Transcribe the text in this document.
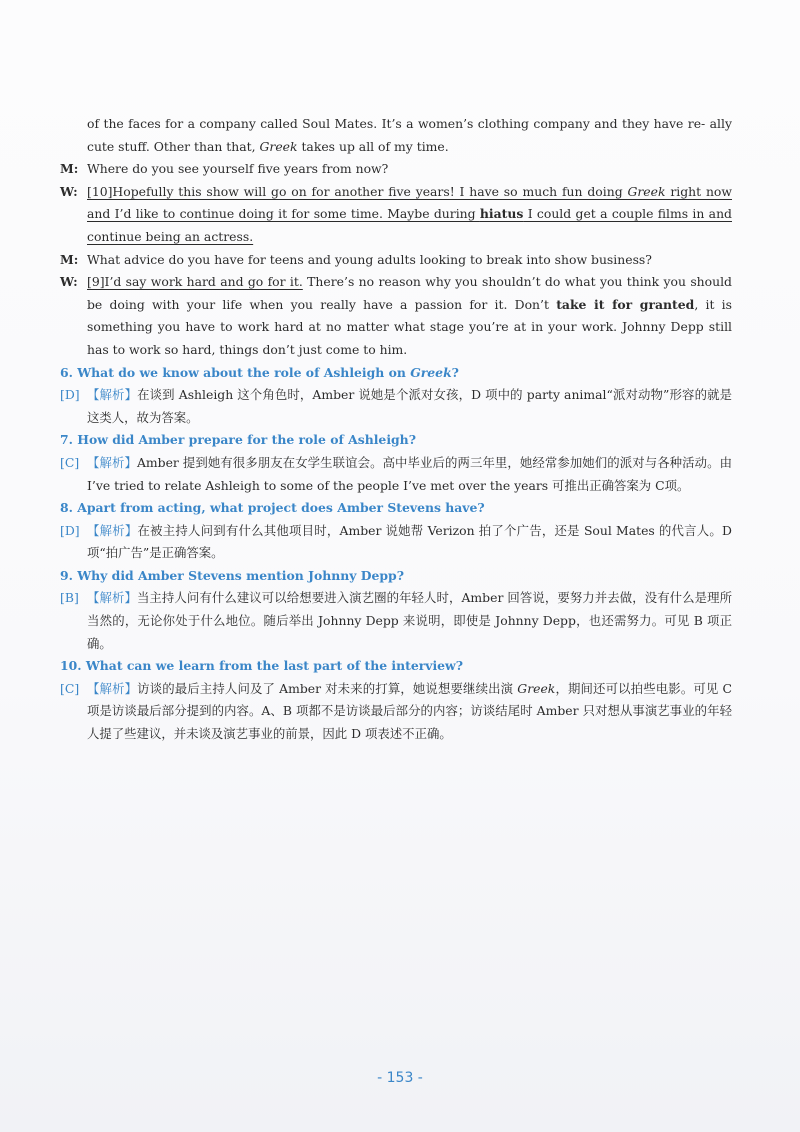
of the faces for a company called Soul Mates. It’s a women’s clothing company and they have re- ally cute stuff. Other than that, Greek takes up all of my time.

M: Where do you see yourself five years from now?

W: [10]Hopefully this show will go on for another five years! I have so much fun doing Greek right now and I’d like to continue doing it for some time. Maybe during hiatus I could get a couple films in and continue being an actress.

M: What advice do you have for teens and young adults looking to break into show business?

W: [9]I’d say work hard and go for it. There’s no reason why you shouldn’t do what you think you should be doing with your life when you really have a passion for it. Don’t take it for granted, it is something you have to work hard at no matter what stage you’re at in your work. Johnny Depp still has to work so hard, things don’t just come to him.

6. What do we know about the role of Ashleigh on Greek?

[D] 【解析】在谈到 Ashleigh 这个角色时，Amber 说她是个派对女孩，D 项中的 party animal“派对动物”形容的就是这类人，故为答案。

7. How did Amber prepare for the role of Ashleigh?

[C] 【解析】Amber 提到她有很多朋友在女学生联谊会。高中毕业后的两三年里，她经常参加她们的派对与各种活动。由 I’ve tried to relate Ashleigh to some of the people I’ve met over the years 可推出正确答案为 C项。

8. Apart from acting, what project does Amber Stevens have?

[D] 【解析】在被主持人问到有什么其他项目时，Amber 说她帮 Verizon 拍了个广告，还是 Soul Mates 的代言人。D 项“拍广告”是正确答案。

9. Why did Amber Stevens mention Johnny Depp?

[B] 【解析】当主持人问有什么建议可以给想要进入演艺圈的年轻人时，Amber 回答说，要努力并去做，没有什么是理所当然的，无论你处于什么地位。随后举出 Johnny Depp 来说明，即使是 Johnny Depp，也还需努力。可见 B 项正确。

10. What can we learn from the last part of the interview?

[C] 【解析】访谈的最后主持人问及了 Amber 对未来的打算，她说想要继续出演 Greek，期间还可以拍些电影。可见 C 项是访谈最后部分提到的内容。A、B 项都不是访谈最后部分的内容；访谈结尾时 Amber 只对想从事演艺事业的年轻人提了些建议，并未谈及演艺事业的前景，因此 D 项表述不正确。

- 153 -
